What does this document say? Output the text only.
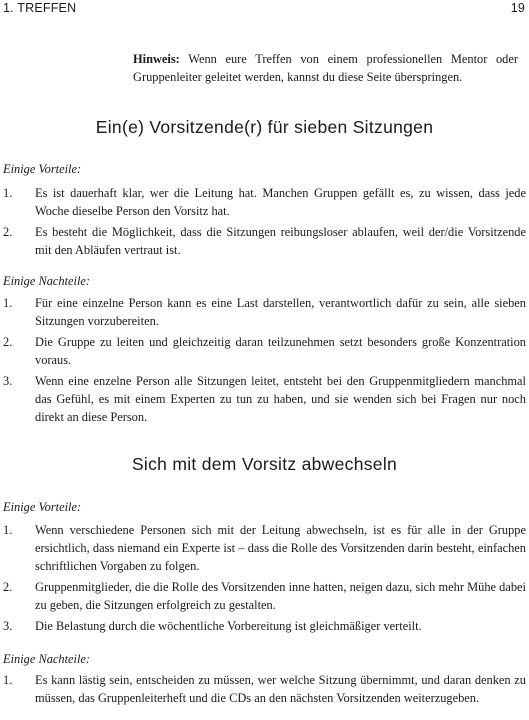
1. TREFFEN	19
Hinweis: Wenn eure Treffen von einem professionellen Mentor oder Gruppenleiter geleitet werden, kannst du diese Seite überspringen.
Ein(e) Vorsitzende(r) für sieben Sitzungen
Einige Vorteile:
1. Es ist dauerhaft klar, wer die Leitung hat. Manchen Gruppen gefällt es, zu wissen, dass jede Woche dieselbe Person den Vorsitz hat.
2. Es besteht die Möglichkeit, dass die Sitzungen reibungsloser ablaufen, weil der/die Vorsitzende mit den Abläufen vertraut ist.
Einige Nachteile:
1. Für eine einzelne Person kann es eine Last darstellen, verantwortlich dafür zu sein, alle sieben Sitzungen vorzubereiten.
2. Die Gruppe zu leiten und gleichzeitig daran teilzunehmen setzt besonders große Konzentration voraus.
3. Wenn eine enzelne Person alle Sitzungen leitet, entsteht bei den Gruppenmitgliedern manchmal das Gefühl, es mit einem Experten zu tun zu haben, und sie wenden sich bei Fragen nur noch direkt an diese Person.
Sich mit dem Vorsitz abwechseln
Einige Vorteile:
1. Wenn verschiedene Personen sich mit der Leitung abwechseln, ist es für alle in der Gruppe ersichtlich, dass niemand ein Experte ist – dass die Rolle des Vorsitzenden darin besteht, einfachen schriftlichen Vorgaben zu folgen.
2. Gruppenmitglieder, die die Rolle des Vorsitzenden inne hatten, neigen dazu, sich mehr Mühe dabei zu geben, die Sitzungen erfolgreich zu gestalten.
3. Die Belastung durch die wöchentliche Vorbereitung ist gleichmäßiger verteilt.
Einige Nachteile:
1. Es kann lästig sein, entscheiden zu müssen, wer welche Sitzung übernimmt, und daran denken zu müssen, das Gruppenleiterheft und die CDs an den nächsten Vorsitzenden weiterzugeben.
